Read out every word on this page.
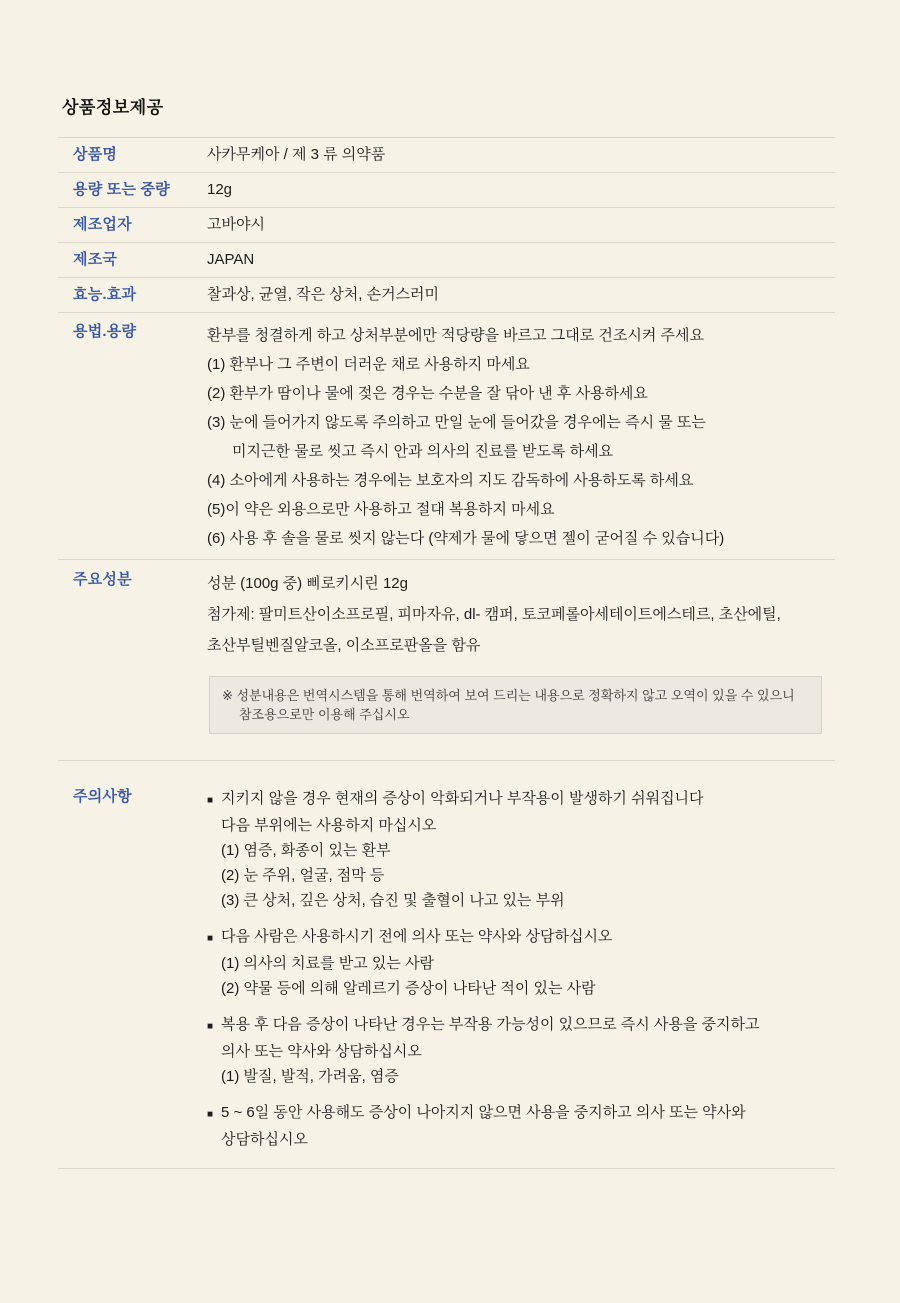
상품정보제공
상품명	사카무케아 / 제 3 류 의약품
용량 또는 중량	12g
제조업자	고바야시
제조국	JAPAN
효능.효과	찰과상, 균열, 작은 상처, 손거스러미
용법.용량	환부를 청결하게 하고 상처부분에만 적당량을 바르고 그대로 건조시켜 주세요
(1) 환부나 그 주변이 더러운 채로 사용하지 마세요
(2) 환부가 땀이나 물에 젖은 경우는 수분을 잘 닦아 낸 후 사용하세요
(3) 눈에 들어가지 않도록 주의하고 만일 눈에 들어갔을 경우에는 즉시 물 또는
미지근한 물로 씻고 즉시 안과 의사의 진료를 받도록 하세요
(4) 소아에게 사용하는 경우에는 보호자의 지도 감독하에 사용하도록 하세요
(5)이 약은 외용으로만 사용하고 절대 복용하지 마세요
(6) 사용 후 솔을 물로 씻지 않는다 (약제가 물에 닿으면 젤이 굳어질 수 있습니다)
주요성분	성분 (100g 중) 삐로키시린 12g
첨가제: 팔미트산이소프로필, 피마자유, dl- 캠퍼, 토코페롤아세테이트에스테르, 초산에틸,
초산부틸벤질알코올, 이소프로판올을 함유
※ 성분내용은 번역시스템을 통해 번역하여 보여 드리는 내용으로 정확하지 않고 오역이 있을 수 있으니 참조용으로만 이용해 주십시오
주의사항	■ 지키지 않을 경우 현재의 증상이 악화되거나 부작용이 발생하기 쉬워집니다
다음 부위에는 사용하지 마십시오
(1) 염증, 화종이 있는 환부
(2) 눈 주위, 얼굴, 점막 등
(3) 큰 상처, 깊은 상처, 습진 및 출혈이 나고 있는 부위
■ 다음 사람은 사용하시기 전에 의사 또는 약사와 상담하십시오
(1) 의사의 치료를 받고 있는 사람
(2) 약물 등에 의해 알레르기 증상이 나타난 적이 있는 사람
■ 복용 후 다음 증상이 나타난 경우는 부작용 가능성이 있으므로 즉시 사용을 중지하고
의사 또는 약사와 상담하십시오
(1) 발질, 발적, 가려움, 염증
■ 5 ~ 6일 동안 사용해도 증상이 나아지지 않으면 사용을 중지하고 의사 또는 약사와
상담하십시오
